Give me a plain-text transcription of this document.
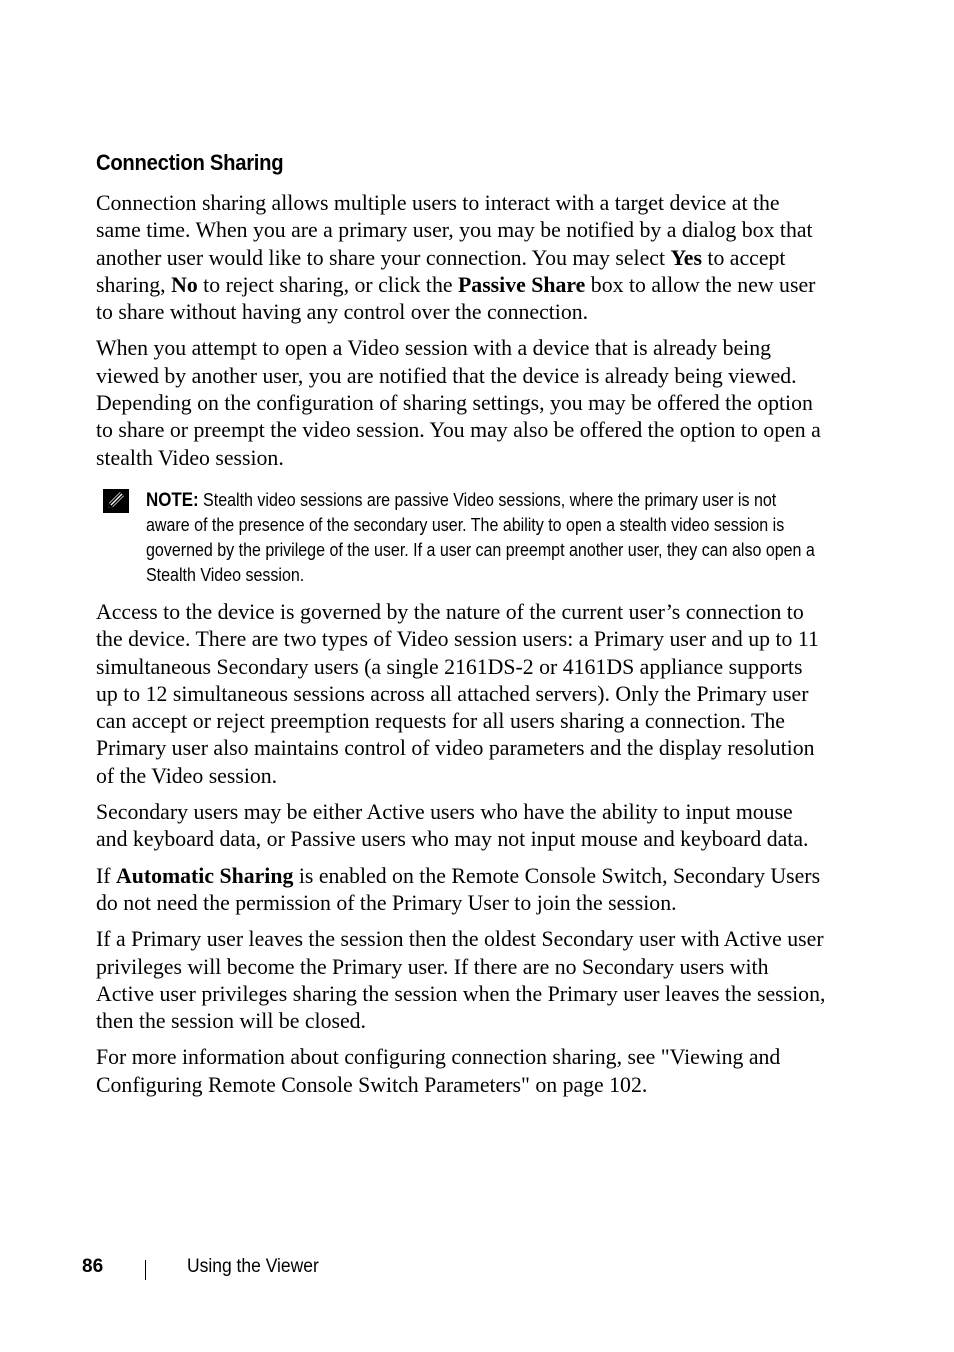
Connection Sharing

Connection sharing allows multiple users to interact with a target device at the same time. When you are a primary user, you may be notified by a dialog box that another user would like to share your connection. You may select Yes to accept sharing, No to reject sharing, or click the Passive Share box to allow the new user to share without having any control over the connection.

When you attempt to open a Video session with a device that is already being viewed by another user, you are notified that the device is already being viewed. Depending on the configuration of sharing settings, you may be offered the option to share or preempt the video session. You may also be offered the option to open a stealth Video session.

NOTE: Stealth video sessions are passive Video sessions, where the primary user is not aware of the presence of the secondary user. The ability to open a stealth video session is governed by the privilege of the user. If a user can preempt another user, they can also open a Stealth Video session.

Access to the device is governed by the nature of the current user’s connection to the device. There are two types of Video session users: a Primary user and up to 11 simultaneous Secondary users (a single 2161DS-2 or 4161DS appliance supports up to 12 simultaneous sessions across all attached servers). Only the Primary user can accept or reject preemption requests for all users sharing a connection. The Primary user also maintains control of video parameters and the display resolution of the Video session.

Secondary users may be either Active users who have the ability to input mouse and keyboard data, or Passive users who may not input mouse and keyboard data.

If Automatic Sharing is enabled on the Remote Console Switch, Secondary Users do not need the permission of the Primary User to join the session.

If a Primary user leaves the session then the oldest Secondary user with Active user privileges will become the Primary user. If there are no Secondary users with Active user privileges sharing the session when the Primary user leaves the session, then the session will be closed.

For more information about configuring connection sharing, see "Viewing and Configuring Remote Console Switch Parameters" on page 102.

86	Using the Viewer
